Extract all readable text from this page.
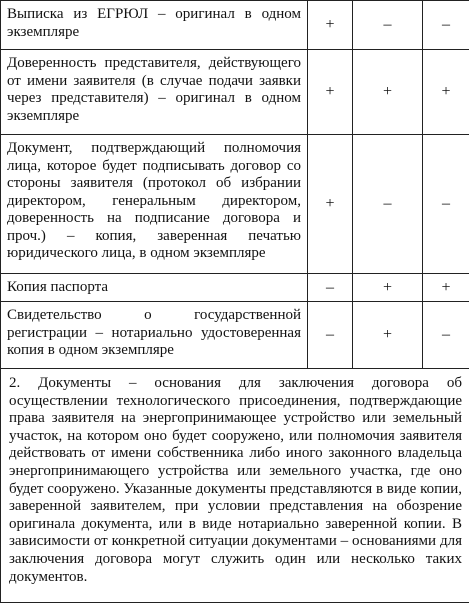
Выписка из ЕГРЮЛ – оригинал в одном экземпляре	+	–	–
Доверенность представителя, действующего от имени заявителя (в случае подачи заявки через представителя) – оригинал в одном экземпляре	+	+	+
Документ, подтверждающий полномочия лица, которое будет подписывать договор со стороны заявителя (протокол об избрании директором, генеральным директором, доверенность на подписание договора и проч.) – копия, заверенная печатью юридического лица, в одном экземпляре	+	–	–
Копия паспорта	–	+	+
Свидетельство о государственной регистрации – нотариально удостоверенная копия в одном экземпляре	–	+	–
2. Документы – основания для заключения договора об осуществлении технологического присоединения, подтверждающие права заявителя на энергопринимающее устройство или земельный участок, на котором оно будет сооружено, или полномочия заявителя действовать от имени собственника либо иного законного владельца энергопринимающего устройства или земельного участка, где оно будет сооружено. Указанные документы представляются в виде копии, заверенной заявителем, при условии представления на обозрение оригинала документа, или в виде нотариально заверенной копии. В зависимости от конкретной ситуации документами – основаниями для заключения договора могут служить один или несколько таких документов.			
